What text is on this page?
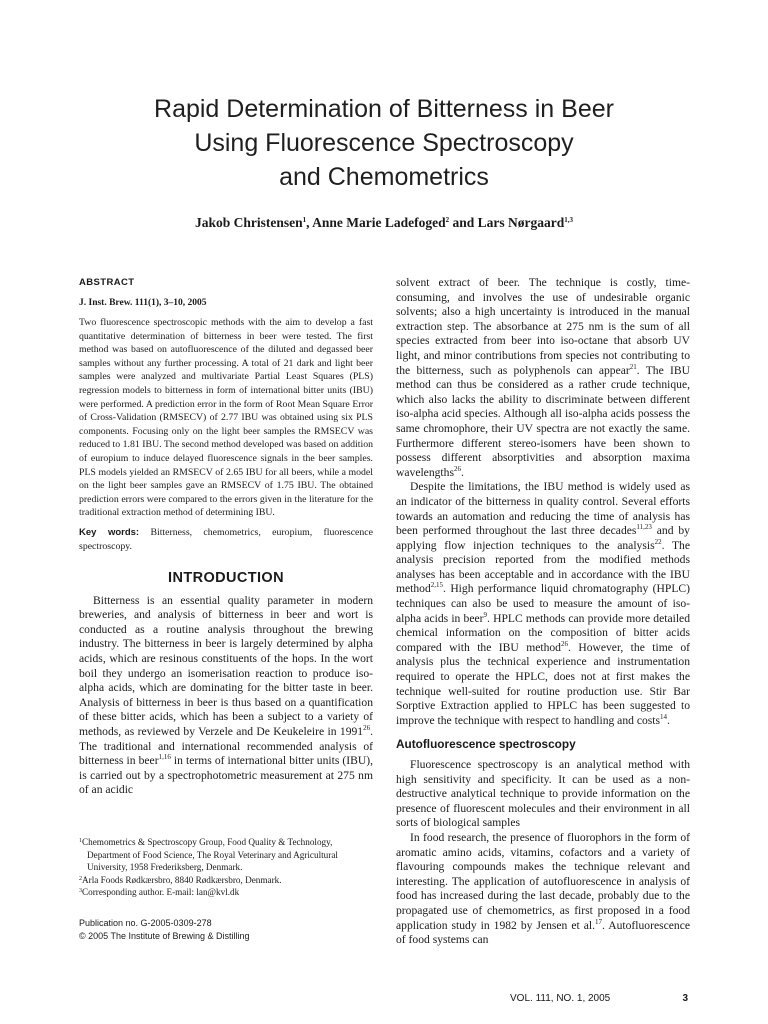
Rapid Determination of Bitterness in Beer
Using Fluorescence Spectroscopy
and Chemometrics
Jakob Christensen$^1$, Anne Marie Ladefoged$^2$ and Lars Nørgaard$^{1,3}$
ABSTRACT
J. Inst. Brew. 111(1), 3–10, 2005

Two fluorescence spectroscopic methods with the aim to develop a fast quantitative determination of bitterness in beer were tested. The first method was based on autofluorescence of the diluted and degassed beer samples without any further processing. A total of 21 dark and light beer samples were analyzed and multivariate Partial Least Squares (PLS) regression models to bitterness in form of international bitter units (IBU) were performed. A prediction error in the form of Root Mean Square Error of Cross-Validation (RMSECV) of 2.77 IBU was obtained using six PLS components. Focusing only on the light beer samples the RMSECV was reduced to 1.81 IBU. The second method developed was based on addition of europium to induce delayed fluorescence signals in the beer samples. PLS models yielded an RMSECV of 2.65 IBU for all beers, while a model on the light beer samples gave an RMSECV of 1.75 IBU. The obtained prediction errors were compared to the errors given in the literature for the traditional extraction method of determining IBU.

Key words: Bitterness, chemometrics, europium, fluorescence spectroscopy.

INTRODUCTION

Bitterness is an essential quality parameter in modern breweries, and analysis of bitterness in beer and wort is conducted as a routine analysis throughout the brewing industry. The bitterness in beer is largely determined by alpha acids, which are resinous constituents of the hops. In the wort boil they undergo an isomerisation reaction to produce iso-alpha acids, which are dominating for the bitter taste in beer. Analysis of bitterness in beer is thus based on a quantification of these bitter acids, which has been a subject to a variety of methods, as reviewed by Verzele and De Keukeleire in 1991$^{26}$. The traditional and international recommended analysis of bitterness in beer$^{1,16}$ in terms of international bitter units (IBU), is carried out by a spectrophotometric measurement at 275 nm of an acidic

solvent extract of beer. The technique is costly, time-consuming, and involves the use of undesirable organic solvents; also a high uncertainty is introduced in the manual extraction step. The absorbance at 275 nm is the sum of all species extracted from beer into iso-octane that absorb UV light, and minor contributions from species not contributing to the bitterness, such as polyphenols can appear$^{21}$. The IBU method can thus be considered as a rather crude technique, which also lacks the ability to discriminate between different iso-alpha acid species. Although all iso-alpha acids possess the same chromophore, their UV spectra are not exactly the same. Furthermore different stereo-isomers have been shown to possess different absorptivities and absorption maxima wavelengths$^{26}$.

Despite the limitations, the IBU method is widely used as an indicator of the bitterness in quality control. Several efforts towards an automation and reducing the time of analysis has been performed throughout the last three decades$^{11,23}$ and by applying flow injection techniques to the analysis$^{22}$. The analysis precision reported from the modified methods analyses has been acceptable and in accordance with the IBU method$^{2,15}$. High performance liquid chromatography (HPLC) techniques can also be used to measure the amount of iso-alpha acids in beer$^9$. HPLC methods can provide more detailed chemical information on the composition of bitter acids compared with the IBU method$^{26}$. However, the time of analysis plus the technical experience and instrumentation required to operate the HPLC, does not at first makes the technique well-suited for routine production use. Stir Bar Sorptive Extraction applied to HPLC has been suggested to improve the technique with respect to handling and costs$^{14}$.

Autofluorescence spectroscopy

Fluorescence spectroscopy is an analytical method with high sensitivity and specificity. It can be used as a non-destructive analytical technique to provide information on the presence of fluorescent molecules and their environment in all sorts of biological samples

In food research, the presence of fluorophors in the form of aromatic amino acids, vitamins, cofactors and a variety of flavouring compounds makes the technique relevant and interesting. The application of autofluorescence in analysis of food has increased during the last decade, probably due to the propagated use of chemometrics, as first proposed in a food application study in 1982 by Jensen et al.$^{17}$. Autofluorescence of food systems can

$^1$Chemometrics & Spectroscopy Group, Food Quality & Technology, Department of Food Science, The Royal Veterinary and Agricultural University, 1958 Frederiksberg, Denmark.

$^2$Arla Foods Rødkærsbro, 8840 Rødkærsbro, Denmark.

$^3$Corresponding author. E-mail: lan@kvl.dk

Publication no. G-2005-0309-278
© 2005 The Institute of Brewing & Distilling
VOL. 111, NO. 1, 2005	3
